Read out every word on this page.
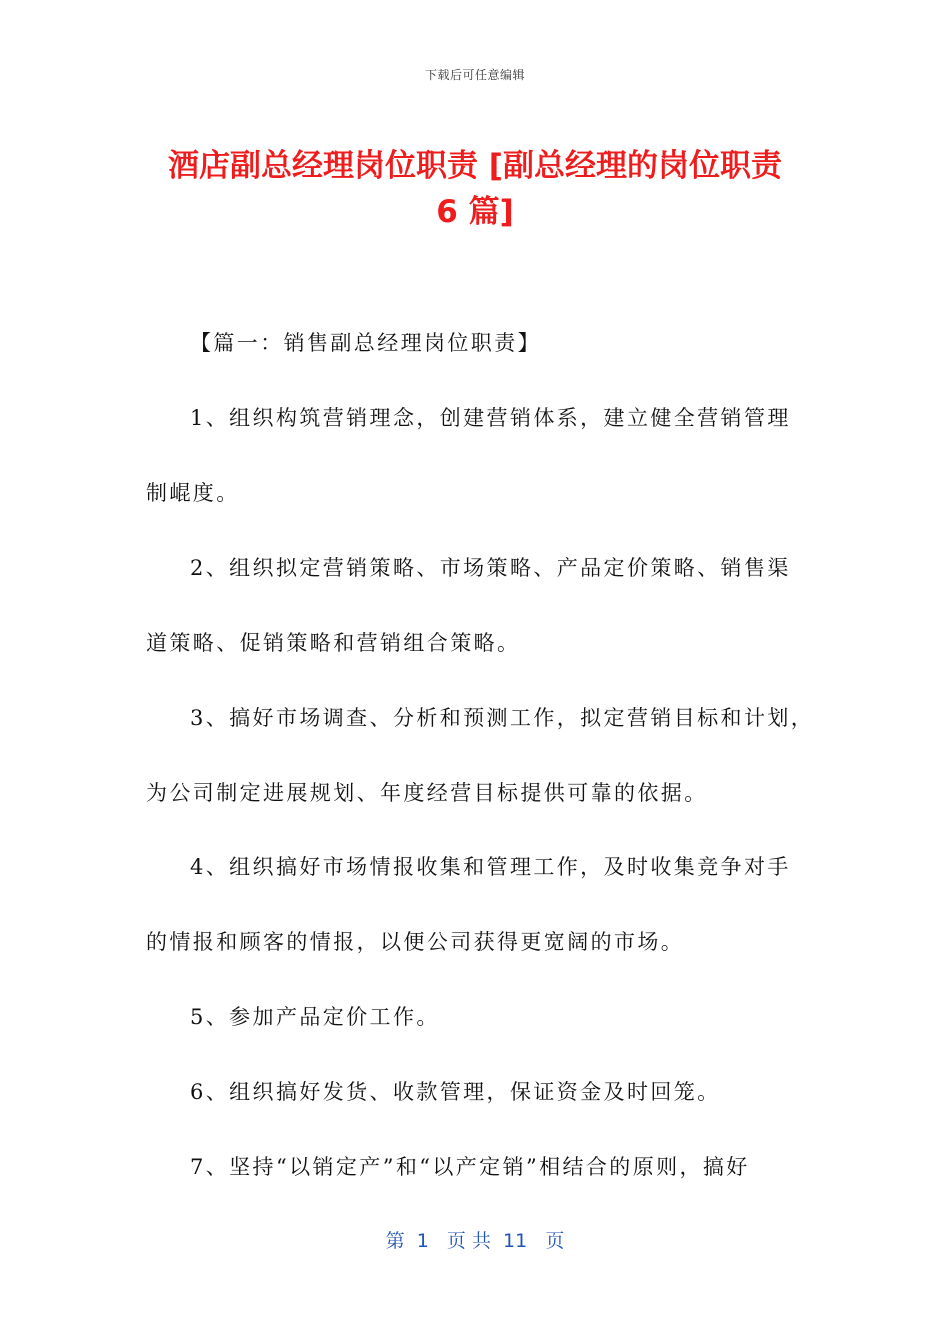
下载后可任意编辑
酒店副总经理岗位职责 [副总经理的岗位职责
6 篇]

【篇一：销售副总经理岗位职责】

1、组织构筑营销理念，创建营销体系，建立健全营销管理

制崐度。

2、组织拟定营销策略、市场策略、产品定价策略、销售渠

道策略、促销策略和营销组合策略。

3、搞好市场调查、分析和预测工作，拟定营销目标和计划，

为公司制定进展规划、年度经营目标提供可靠的依据。

4、组织搞好市场情报收集和管理工作，及时收集竞争对手

的情报和顾客的情报，以便公司获得更宽阔的市场。

5、参加产品定价工作。

6、组织搞好发货、收款管理，保证资金及时回笼。

7、坚持“以销定产”和“以产定销”相结合的原则，搞好

第  1   页 共  11   页
